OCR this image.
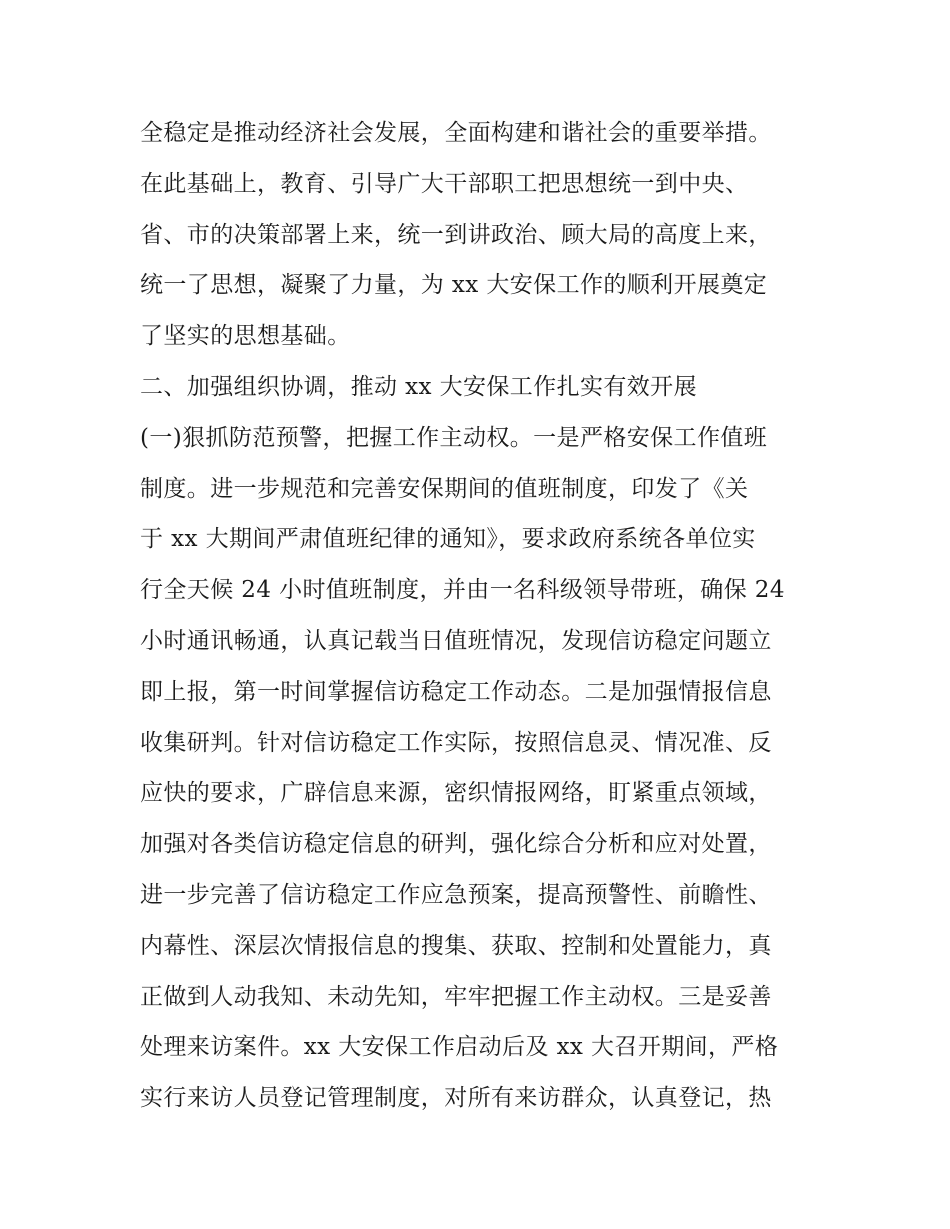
全稳定是推动经济社会发展，全面构建和谐社会的重要举措。
在此基础上，教育、引导广大干部职工把思想统一到中央、
省、市的决策部署上来，统一到讲政治、顾大局的高度上来，
统一了思想，凝聚了力量，为 xx 大安保工作的顺利开展奠定
了坚实的思想基础。
二、加强组织协调，推动 xx 大安保工作扎实有效开展
(一)狠抓防范预警，把握工作主动权。一是严格安保工作值班
制度。进一步规范和完善安保期间的值班制度，印发了《关
于 xx 大期间严肃值班纪律的通知》，要求政府系统各单位实
行全天候 24 小时值班制度，并由一名科级领导带班，确保 24
小时通讯畅通，认真记载当日值班情况，发现信访稳定问题立
即上报，第一时间掌握信访稳定工作动态。二是加强情报信息
收集研判。针对信访稳定工作实际，按照信息灵、情况准、反
应快的要求，广辟信息来源，密织情报网络，盯紧重点领域，
加强对各类信访稳定信息的研判，强化综合分析和应对处置，
进一步完善了信访稳定工作应急预案，提高预警性、前瞻性、
内幕性、深层次情报信息的搜集、获取、控制和处置能力，真
正做到人动我知、未动先知，牢牢把握工作主动权。三是妥善
处理来访案件。xx 大安保工作启动后及 xx 大召开期间，严格
实行来访人员登记管理制度，对所有来访群众，认真登记，热
